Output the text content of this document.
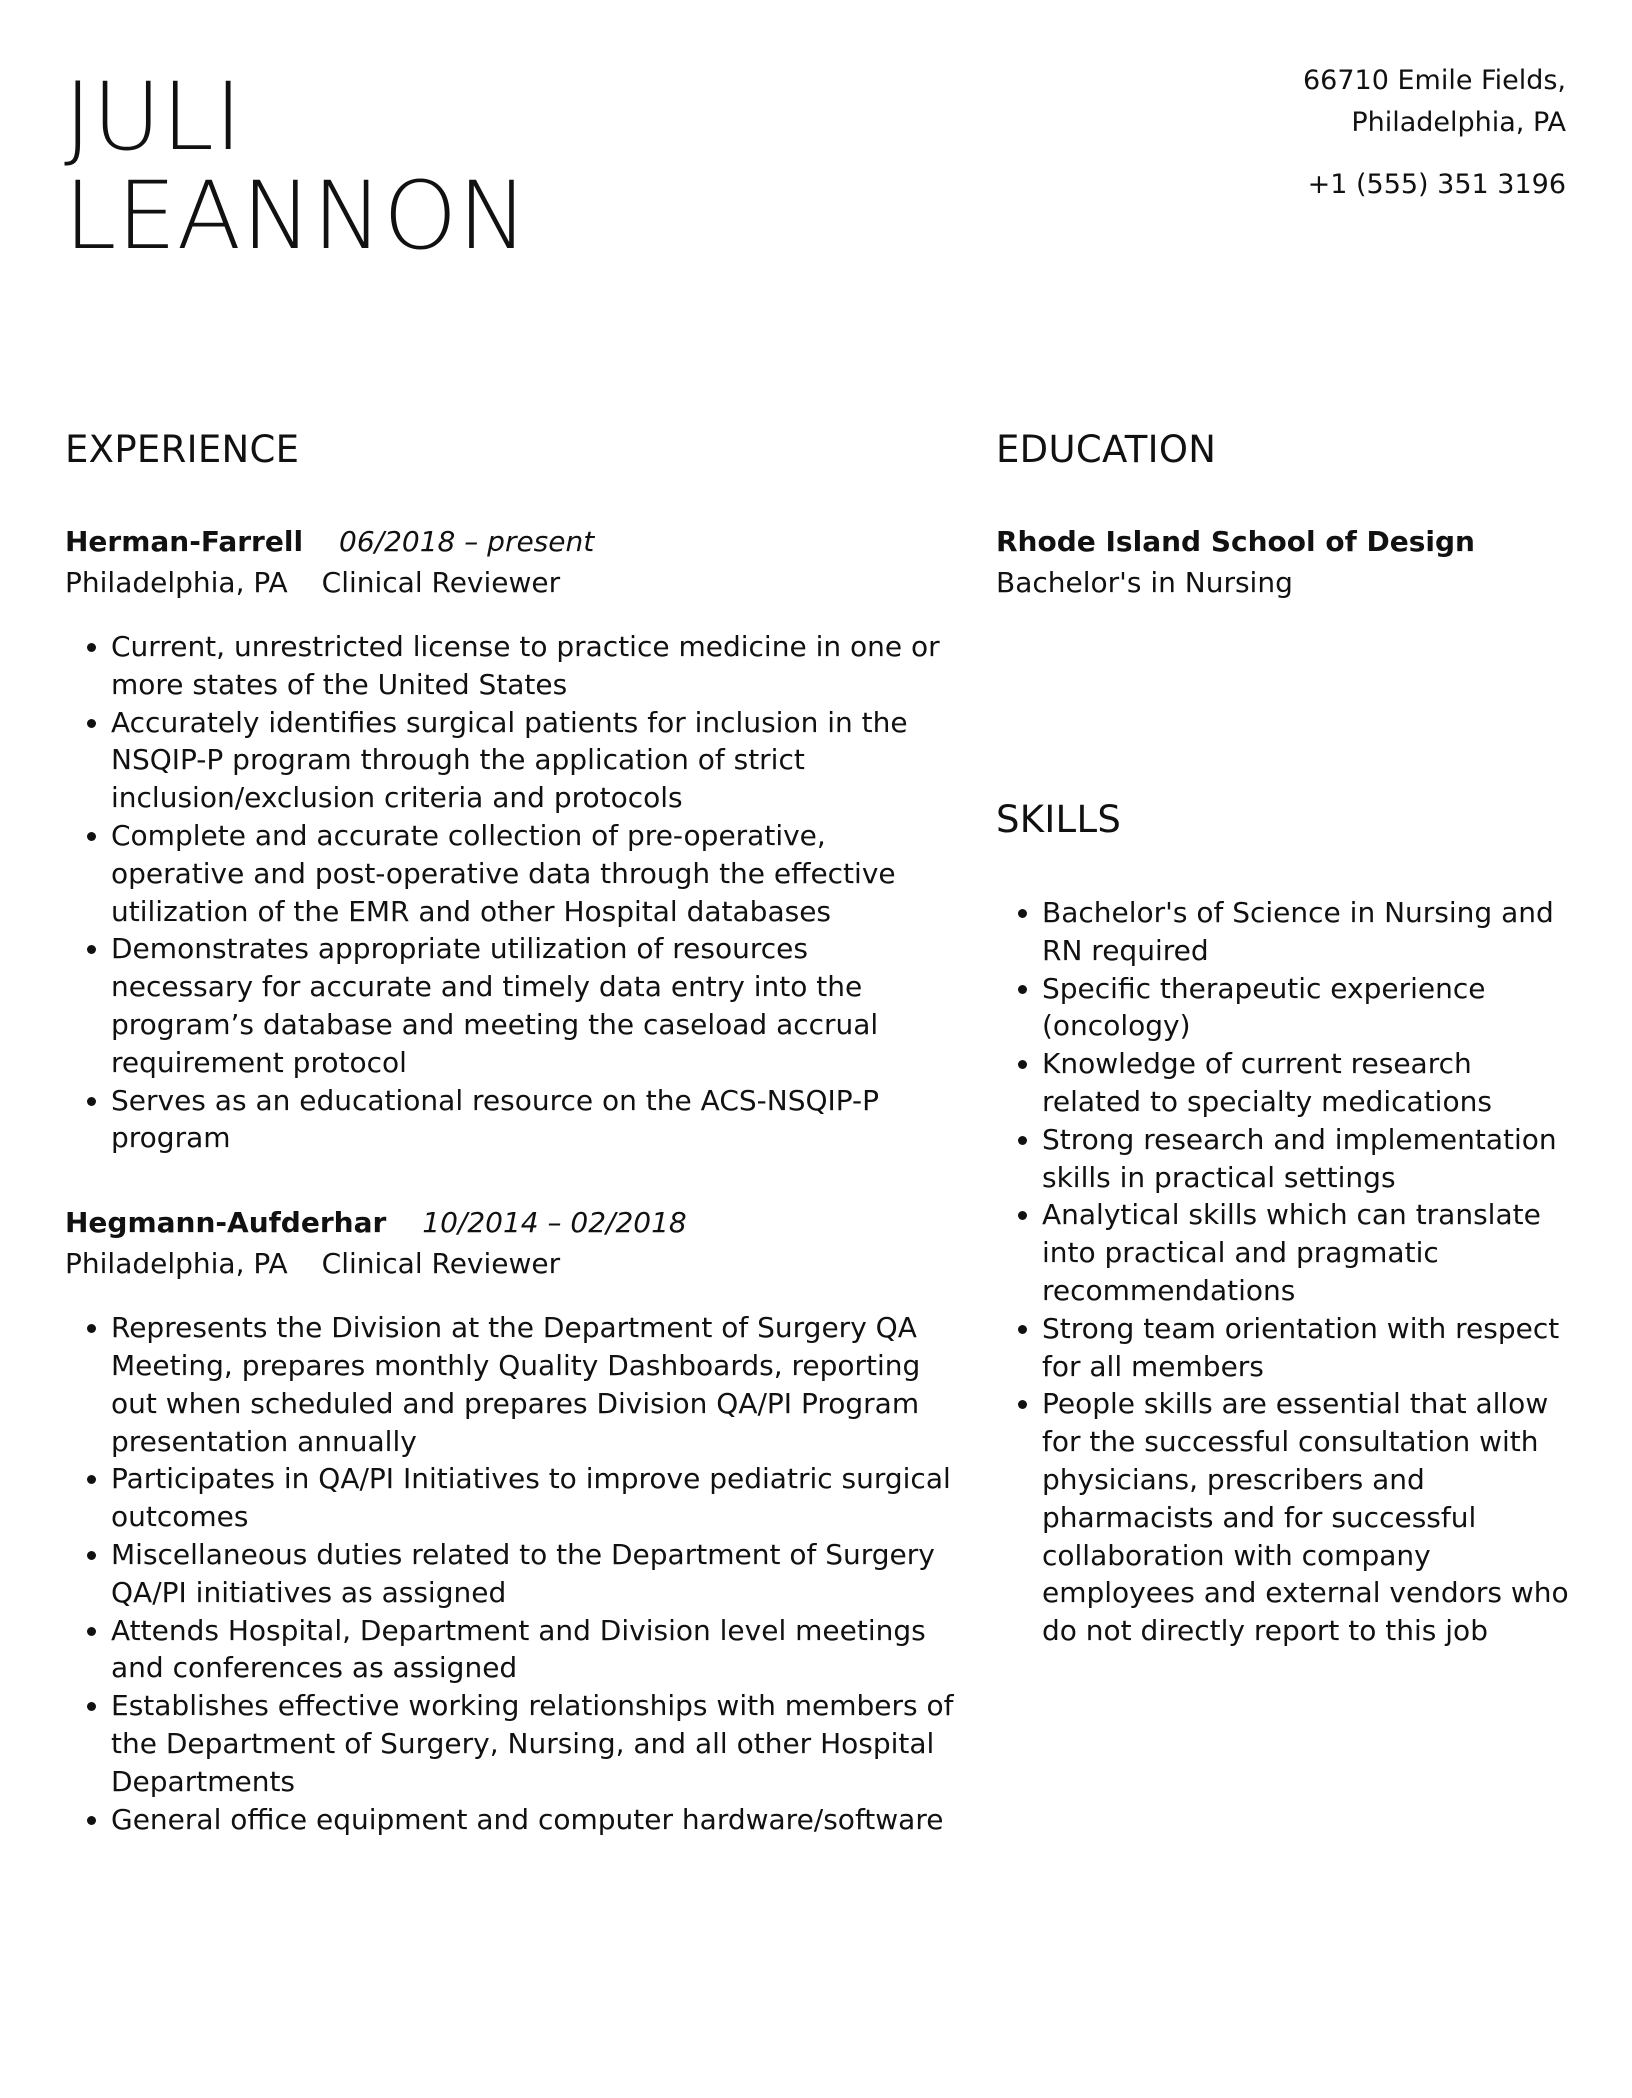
JULI
LEANNON
66710 Emile Fields,
Philadelphia, PA
+1 (555) 351 3196
EXPERIENCE
Herman-Farrell 06/2018 – present
Philadelphia, PA Clinical Reviewer
• Current, unrestricted license to practice medicine in one or more states of the United States
• Accurately identifies surgical patients for inclusion in the NSQIP-P program through the application of strict inclusion/exclusion criteria and protocols
• Complete and accurate collection of pre-operative, operative and post-operative data through the effective utilization of the EMR and other Hospital databases
• Demonstrates appropriate utilization of resources necessary for accurate and timely data entry into the program’s database and meeting the caseload accrual requirement protocol
• Serves as an educational resource on the ACS-NSQIP-P program
Hegmann-Aufderhar 10/2014 – 02/2018
Philadelphia, PA Clinical Reviewer
• Represents the Division at the Department of Surgery QA Meeting, prepares monthly Quality Dashboards, reporting out when scheduled and prepares Division QA/PI Program presentation annually
• Participates in QA/PI Initiatives to improve pediatric surgical outcomes
• Miscellaneous duties related to the Department of Surgery QA/PI initiatives as assigned
• Attends Hospital, Department and Division level meetings and conferences as assigned
• Establishes effective working relationships with members of the Department of Surgery, Nursing, and all other Hospital Departments
• General office equipment and computer hardware/software
EDUCATION
Rhode Island School of Design
Bachelor's in Nursing
SKILLS
• Bachelor's of Science in Nursing and RN required
• Specific therapeutic experience (oncology)
• Knowledge of current research related to specialty medications
• Strong research and implementation skills in practical settings
• Analytical skills which can translate into practical and pragmatic recommendations
• Strong team orientation with respect for all members
• People skills are essential that allow for the successful consultation with physicians, prescribers and pharmacists and for successful collaboration with company employees and external vendors who do not directly report to this job
